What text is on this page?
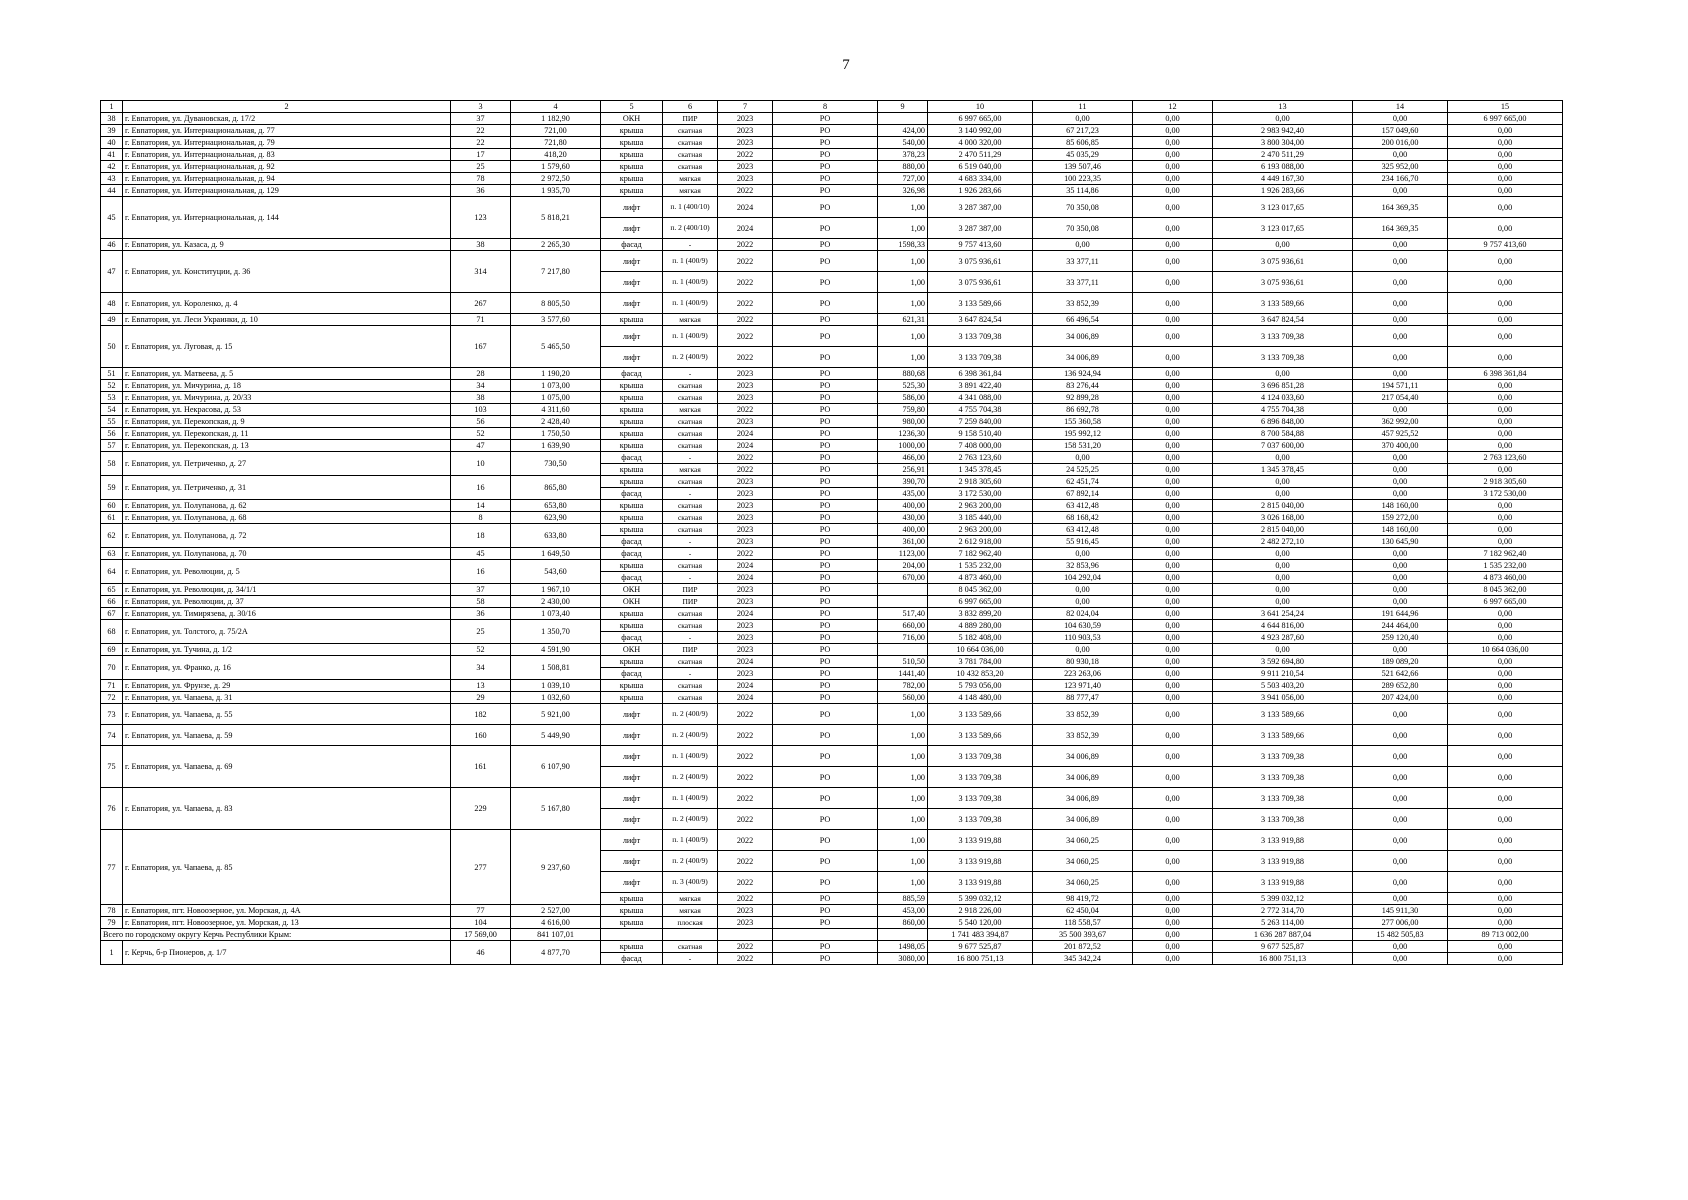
7
1	2	3	4	5	6	7	8	9	10	11	12	13	14	15
38	г. Евпатория, ул. Дувановская, д. 17/2	37	1 182,90	ОКН	ПИР	2023	РО		6 997 665,00	0,00	0,00	0,00	0,00	6 997 665,00
39	г. Евпатория, ул. Интернациональная, д. 77	22	721,00	крыша	скатная	2023	РО	424,00	3 140 992,00	67 217,23	0,00	2 983 942,40	157 049,60	0,00
40	г. Евпатория, ул. Интернациональная, д. 79	22	721,80	крыша	скатная	2023	РО	540,00	4 000 320,00	85 606,85	0,00	3 800 304,00	200 016,00	0,00
41	г. Евпатория, ул. Интернациональная, д. 83	17	418,20	крыша	скатная	2022	РО	378,23	2 470 511,29	45 035,29	0,00	2 470 511,29	0,00	0,00
42	г. Евпатория, ул. Интернациональная, д. 92	25	1 579,60	крыша	скатная	2023	РО	880,00	6 519 040,00	139 507,46	0,00	6 193 088,00	325 952,00	0,00
43	г. Евпатория, ул. Интернациональная, д. 94	78	2 972,50	крыша	мягкая	2023	РО	727,00	4 683 334,00	100 223,35	0,00	4 449 167,30	234 166,70	0,00
44	г. Евпатория, ул. Интернациональная, д. 129	36	1 935,70	крыша	мягкая	2022	РО	326,98	1 926 283,66	35 114,86	0,00	1 926 283,66	0,00	0,00
45	г. Евпатория, ул. Интернациональная, д. 144	123	5 818,21	лифт	п. 1 (400/10)	2024	РО	1,00	3 287 387,00	70 350,08	0,00	3 123 017,65	164 369,35	0,00
				лифт	п. 2 (400/10)	2024	РО	1,00	3 287 387,00	70 350,08	0,00	3 123 017,65	164 369,35	0,00
46	г. Евпатория, ул. Казаса, д. 9	38	2 265,30	фасад	-	2022	РО	1598,33	9 757 413,60	0,00	0,00	0,00	0,00	9 757 413,60
47	г. Евпатория, ул. Конституции, д. 36	314	7 217,80	лифт	п. 1 (400/9)	2022	РО	1,00	3 075 936,61	33 377,11	0,00	3 075 936,61	0,00	0,00
				лифт	п. 1 (400/9)	2022	РО	1,00	3 075 936,61	33 377,11	0,00	3 075 936,61	0,00	0,00
48	г. Евпатория, ул. Короленко, д. 4	267	8 805,50	лифт	п. 1 (400/9)	2022	РО	1,00	3 133 589,66	33 852,39	0,00	3 133 589,66	0,00	0,00
49	г. Евпатория, ул. Леси Украинки, д. 10	71	3 577,60	крыша	мягкая	2022	РО	621,31	3 647 824,54	66 496,54	0,00	3 647 824,54	0,00	0,00
50	г. Евпатория, ул. Луговая, д. 15	167	5 465,50	лифт	п. 1 (400/9)	2022	РО	1,00	3 133 709,38	34 006,89	0,00	3 133 709,38	0,00	0,00
				лифт	п. 2 (400/9)	2022	РО	1,00	3 133 709,38	34 006,89	0,00	3 133 709,38	0,00	0,00
51	г. Евпатория, ул. Матвеева, д. 5	28	1 190,20	фасад	-	2023	РО	880,68	6 398 361,84	136 924,94	0,00	0,00	0,00	6 398 361,84
52	г. Евпатория, ул. Мичурина, д. 18	34	1 073,00	крыша	скатная	2023	РО	525,30	3 891 422,40	83 276,44	0,00	3 696 851,28	194 571,11	0,00
53	г. Евпатория, ул. Мичурина, д. 20/33	38	1 075,00	крыша	скатная	2023	РО	586,00	4 341 088,00	92 899,28	0,00	4 124 033,60	217 054,40	0,00
54	г. Евпатория, ул. Некрасова, д. 53	103	4 311,60	крыша	мягкая	2022	РО	759,80	4 755 704,38	86 692,78	0,00	4 755 704,38	0,00	0,00
55	г. Евпатория, ул. Перекопская, д. 9	56	2 428,40	крыша	скатная	2023	РО	980,00	7 259 840,00	155 360,58	0,00	6 896 848,00	362 992,00	0,00
56	г. Евпатория, ул. Перекопская, д. 11	52	1 750,50	крыша	скатная	2024	РО	1236,30	9 158 510,40	195 992,12	0,00	8 700 584,88	457 925,52	0,00
57	г. Евпатория, ул. Перекопская, д. 13	47	1 639,90	крыша	скатная	2024	РО	1000,00	7 408 000,00	158 531,20	0,00	7 037 600,00	370 400,00	0,00
58	г. Евпатория, ул. Петриченко, д. 27	10	730,50	фасад	-	2022	РО	466,00	2 763 123,60	0,00	0,00	0,00	0,00	2 763 123,60
				крыша	мягкая	2022	РО	256,91	1 345 378,45	24 525,25	0,00	1 345 378,45	0,00	0,00
59	г. Евпатория, ул. Петриченко, д. 31	16	865,80	крыша	скатная	2023	РО	390,70	2 918 305,60	62 451,74	0,00	0,00	0,00	2 918 305,60
				фасад	-	2023	РО	435,00	3 172 530,00	67 892,14	0,00	0,00	0,00	3 172 530,00
60	г. Евпатория, ул. Полупанова, д. 62	14	653,80	крыша	скатная	2023	РО	400,00	2 963 200,00	63 412,48	0,00	2 815 040,00	148 160,00	0,00
61	г. Евпатория, ул. Полупанова, д. 68	8	623,90	крыша	скатная	2023	РО	430,00	3 185 440,00	68 168,42	0,00	3 026 168,00	159 272,00	0,00
62	г. Евпатория, ул. Полупанова, д. 72	18	633,80	крыша	скатная	2023	РО	400,00	2 963 200,00	63 412,48	0,00	2 815 040,00	148 160,00	0,00
				фасад	-	2023	РО	361,00	2 612 918,00	55 916,45	0,00	2 482 272,10	130 645,90	0,00
63	г. Евпатория, ул. Полупанова, д. 70	45	1 649,50	фасад	-	2022	РО	1123,00	7 182 962,40	0,00	0,00	0,00	0,00	7 182 962,40
64	г. Евпатория, ул. Революции, д. 5	16	543,60	крыша	скатная	2024	РО	204,00	1 535 232,00	32 853,96	0,00	0,00	0,00	1 535 232,00
				фасад	-	2024	РО	670,00	4 873 460,00	104 292,04	0,00	0,00	0,00	4 873 460,00
65	г. Евпатория, ул. Революции, д. 34/1/1	37	1 967,10	ОКН	ПИР	2023	РО		8 045 362,00	0,00	0,00	0,00	0,00	8 045 362,00
66	г. Евпатория, ул. Революции, д. 37	58	2 430,00	ОКН	ПИР	2023	РО		6 997 665,00	0,00	0,00	0,00	0,00	6 997 665,00
67	г. Евпатория, ул. Тимирязева, д. 30/16	36	1 073,40	крыша	скатная	2024	РО	517,40	3 832 899,20	82 024,04	0,00	3 641 254,24	191 644,96	0,00
68	г. Евпатория, ул. Толстого, д. 75/2А	25	1 350,70	крыша	скатная	2023	РО	660,00	4 889 280,00	104 630,59	0,00	4 644 816,00	244 464,00	0,00
				фасад	-	2023	РО	716,00	5 182 408,00	110 903,53	0,00	4 923 287,60	259 120,40	0,00
69	г. Евпатория, ул. Тучина, д. 1/2	52	4 591,90	ОКН	ПИР	2023	РО		10 664 036,00	0,00	0,00	0,00	0,00	10 664 036,00
70	г. Евпатория, ул. Франко, д. 16	34	1 508,81	крыша	скатная	2024	РО	510,50	3 781 784,00	80 930,18	0,00	3 592 694,80	189 089,20	0,00
				фасад	-	2023	РО	1441,40	10 432 853,20	223 263,06	0,00	9 911 210,54	521 642,66	0,00
71	г. Евпатория, ул. Фрунзе, д. 29	13	1 039,10	крыша	скатная	2024	РО	782,00	5 793 056,00	123 971,40	0,00	5 503 403,20	289 652,80	0,00
72	г. Евпатория, ул. Чапаева, д. 31	29	1 032,60	крыша	скатная	2024	РО	560,00	4 148 480,00	88 777,47	0,00	3 941 056,00	207 424,00	0,00
73	г. Евпатория, ул. Чапаева, д. 55	182	5 921,00	лифт	п. 2 (400/9)	2022	РО	1,00	3 133 589,66	33 852,39	0,00	3 133 589,66	0,00	0,00
74	г. Евпатория, ул. Чапаева, д. 59	160	5 449,90	лифт	п. 2 (400/9)	2022	РО	1,00	3 133 589,66	33 852,39	0,00	3 133 589,66	0,00	0,00
75	г. Евпатория, ул. Чапаева, д. 69	161	6 107,90	лифт	п. 1 (400/9)	2022	РО	1,00	3 133 709,38	34 006,89	0,00	3 133 709,38	0,00	0,00
				лифт	п. 2 (400/9)	2022	РО	1,00	3 133 709,38	34 006,89	0,00	3 133 709,38	0,00	0,00
76	г. Евпатория, ул. Чапаева, д. 83	229	5 167,80	лифт	п. 1 (400/9)	2022	РО	1,00	3 133 709,38	34 006,89	0,00	3 133 709,38	0,00	0,00
				лифт	п. 2 (400/9)	2022	РО	1,00	3 133 709,38	34 006,89	0,00	3 133 709,38	0,00	0,00
77	г. Евпатория, ул. Чапаева, д. 85	277	9 237,60	лифт	п. 1 (400/9)	2022	РО	1,00	3 133 919,88	34 060,25	0,00	3 133 919,88	0,00	0,00
				лифт	п. 2 (400/9)	2022	РО	1,00	3 133 919,88	34 060,25	0,00	3 133 919,88	0,00	0,00
				лифт	п. 3 (400/9)	2022	РО	1,00	3 133 919,88	34 060,25	0,00	3 133 919,88	0,00	0,00
				крыша	мягкая	2022	РО	885,59	5 399 032,12	98 419,72	0,00	5 399 032,12	0,00	0,00
78	г. Евпатория, пгт. Новоозерное, ул. Морская, д. 4А	77	2 527,00	крыша	мягкая	2023	РО	453,00	2 918 226,00	62 450,04	0,00	2 772 314,70	145 911,30	0,00
79	г. Евпатория, пгт. Новоозерное, ул. Морская, д. 13	104	4 616,00	крыша	плоская	2023	РО	860,00	5 540 120,00	118 558,57	0,00	5 263 114,00	277 006,00	0,00
Всего по городскому округу Керчь Республики Крым:		17 569,00	841 107,01						1 741 483 394,87	35 500 393,67	0,00	1 636 287 887,04	15 482 505,83	89 713 002,00
1	г. Керчь, б-р Пионеров, д. 1/7	46	4 877,70	крыша	скатная	2022	РО	1498,05	9 677 525,87	201 872,52	0,00	9 677 525,87	0,00	0,00
				фасад	-	2022	РО	3080,00	16 800 751,13	345 342,24	0,00	16 800 751,13	0,00	0,00
